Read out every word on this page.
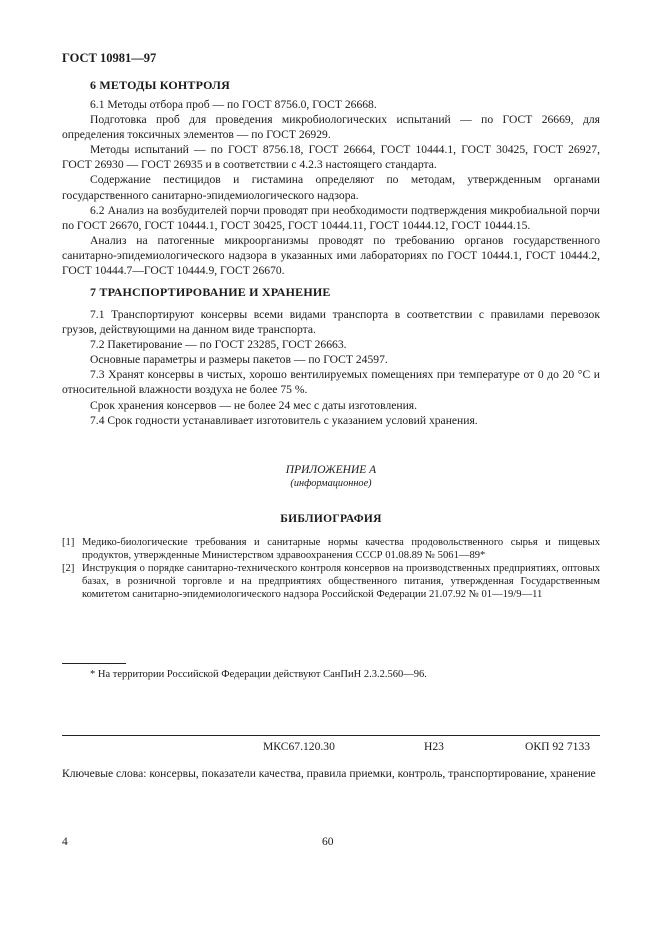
ГОСТ 10981—97
6 МЕТОДЫ КОНТРОЛЯ

6.1 Методы отбора проб — по ГОСТ 8756.0, ГОСТ 26668.

Подготовка проб для проведения микробиологических испытаний — по ГОСТ 26669, для определения токсичных элементов — по ГОСТ 26929.

Методы испытаний — по ГОСТ 8756.18, ГОСТ 26664, ГОСТ 10444.1, ГОСТ 30425, ГОСТ 26927, ГОСТ 26930 — ГОСТ 26935 и в соответствии с 4.2.3 настоящего стандарта.

Содержание пестицидов и гистамина определяют по методам, утвержденным органами государственного санитарно-эпидемиологического надзора.

6.2 Анализ на возбудителей порчи проводят при необходимости подтверждения микробиальной порчи по ГОСТ 26670, ГОСТ 10444.1, ГОСТ 30425, ГОСТ 10444.11, ГОСТ 10444.12, ГОСТ 10444.15.

Анализ на патогенные микроорганизмы проводят по требованию органов государственного санитарно-эпидемиологического надзора в указанных ими лабораториях по ГОСТ 10444.1, ГОСТ 10444.2, ГОСТ 10444.7—ГОСТ 10444.9, ГОСТ 26670.

7 ТРАНСПОРТИРОВАНИЕ И ХРАНЕНИЕ

7.1 Транспортируют консервы всеми видами транспорта в соответствии с правилами перевозок грузов, действующими на данном виде транспорта.

7.2 Пакетирование — по ГОСТ 23285, ГОСТ 26663.

Основные параметры и размеры пакетов — по ГОСТ 24597.

7.3 Хранят консервы в чистых, хорошо вентилируемых помещениях при температуре от 0 до 20 °С и относительной влажности воздуха не более 75 %.

Срок хранения консервов — не более 24 мес с даты изготовления.

7.4 Срок годности устанавливает изготовитель с указанием условий хранения.

ПРИЛОЖЕНИЕ А
(информационное)
БИБЛИОГРАФИЯ
[1] Медико-биологические требования и санитарные нормы качества продовольственного сырья и пищевых продуктов, утвержденные Министерством здравоохранения СССР 01.08.89 № 5061—89*
[2] Инструкция о порядке санитарно-технического контроля консервов на производственных предприятиях, оптовых базах, в розничной торговле и на предприятиях общественного питания, утвержденная Государственным комитетом санитарно-эпидемиологического надзора Российской Федерации 21.07.92 № 01—19/9—11
* На территории Российской Федерации действуют СанПиН 2.3.2.560—96.
МКС67.120.30	Н23	ОКП 92 7133
Ключевые слова: консервы, показатели качества, правила приемки, контроль, транспортирование, хранение
4	60
